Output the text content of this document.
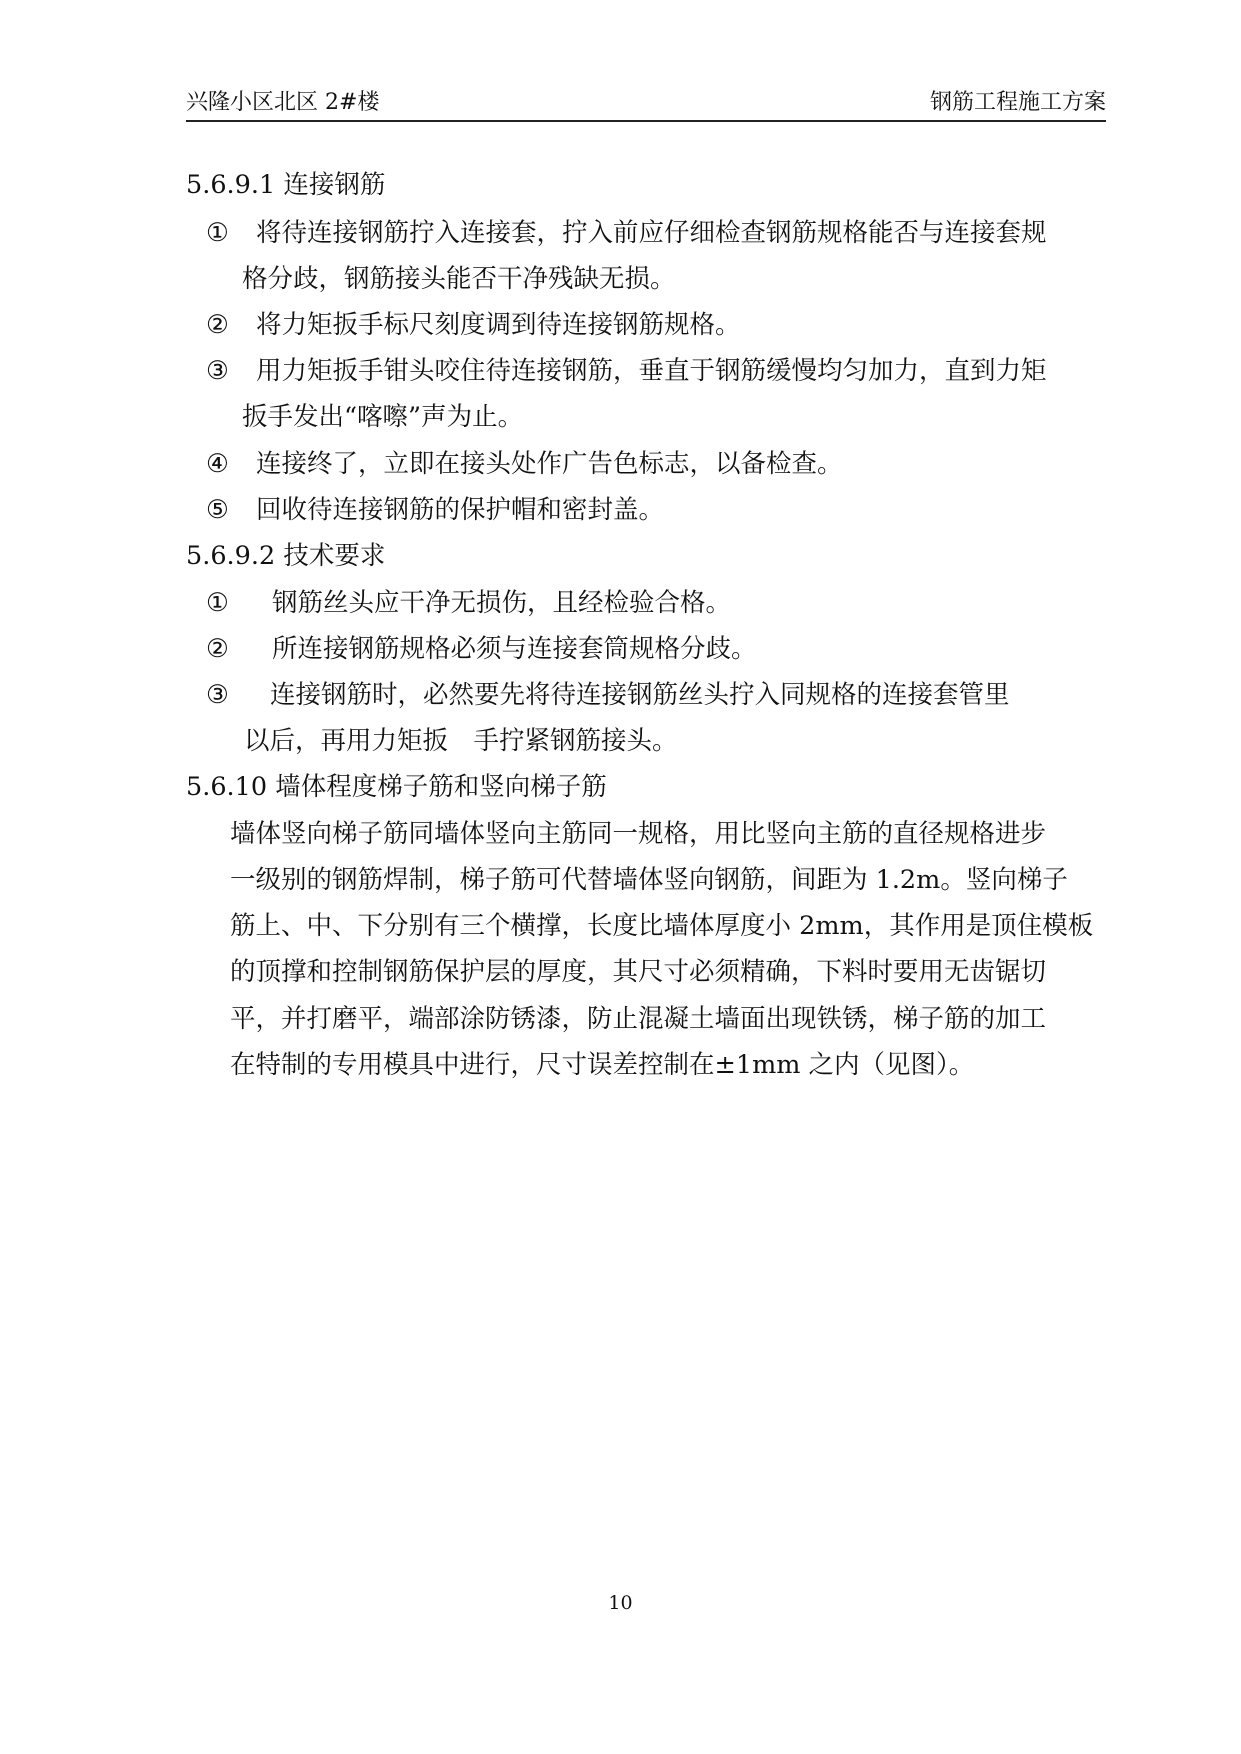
兴隆小区北区 2#楼	钢筋工程施工方案
5.6.9.1 连接钢筋
① 将待连接钢筋拧入连接套，拧入前应仔细检查钢筋规格能否与连接套规
格分歧，钢筋接头能否干净残缺无损。
② 将力矩扳手标尺刻度调到待连接钢筋规格。
③ 用力矩扳手钳头咬住待连接钢筋，垂直于钢筋缓慢均匀加力，直到力矩
扳手发出“喀嚓”声为止。
④ 连接终了，立即在接头处作广告色标志，以备检查。
⑤ 回收待连接钢筋的保护帽和密封盖。
5.6.9.2 技术要求
① 钢筋丝头应干净无损伤，且经检验合格。
② 所连接钢筋规格必须与连接套筒规格分歧。
③ 连接钢筋时，必然要先将待连接钢筋丝头拧入同规格的连接套管里
以后，再用力矩扳　手拧紧钢筋接头。
5.6.10 墙体程度梯子筋和竖向梯子筋
墙体竖向梯子筋同墙体竖向主筋同一规格，用比竖向主筋的直径规格进步
一级别的钢筋焊制，梯子筋可代替墙体竖向钢筋，间距为 1.2m。竖向梯子
筋上、中、下分别有三个横撑，长度比墙体厚度小 2mm，其作用是顶住模板
的顶撑和控制钢筋保护层的厚度，其尺寸必须精确，下料时要用无齿锯切
平，并打磨平，端部涂防锈漆，防止混凝土墙面出现铁锈，梯子筋的加工
在特制的专用模具中进行，尺寸误差控制在±1mm 之内（见图）。
10
